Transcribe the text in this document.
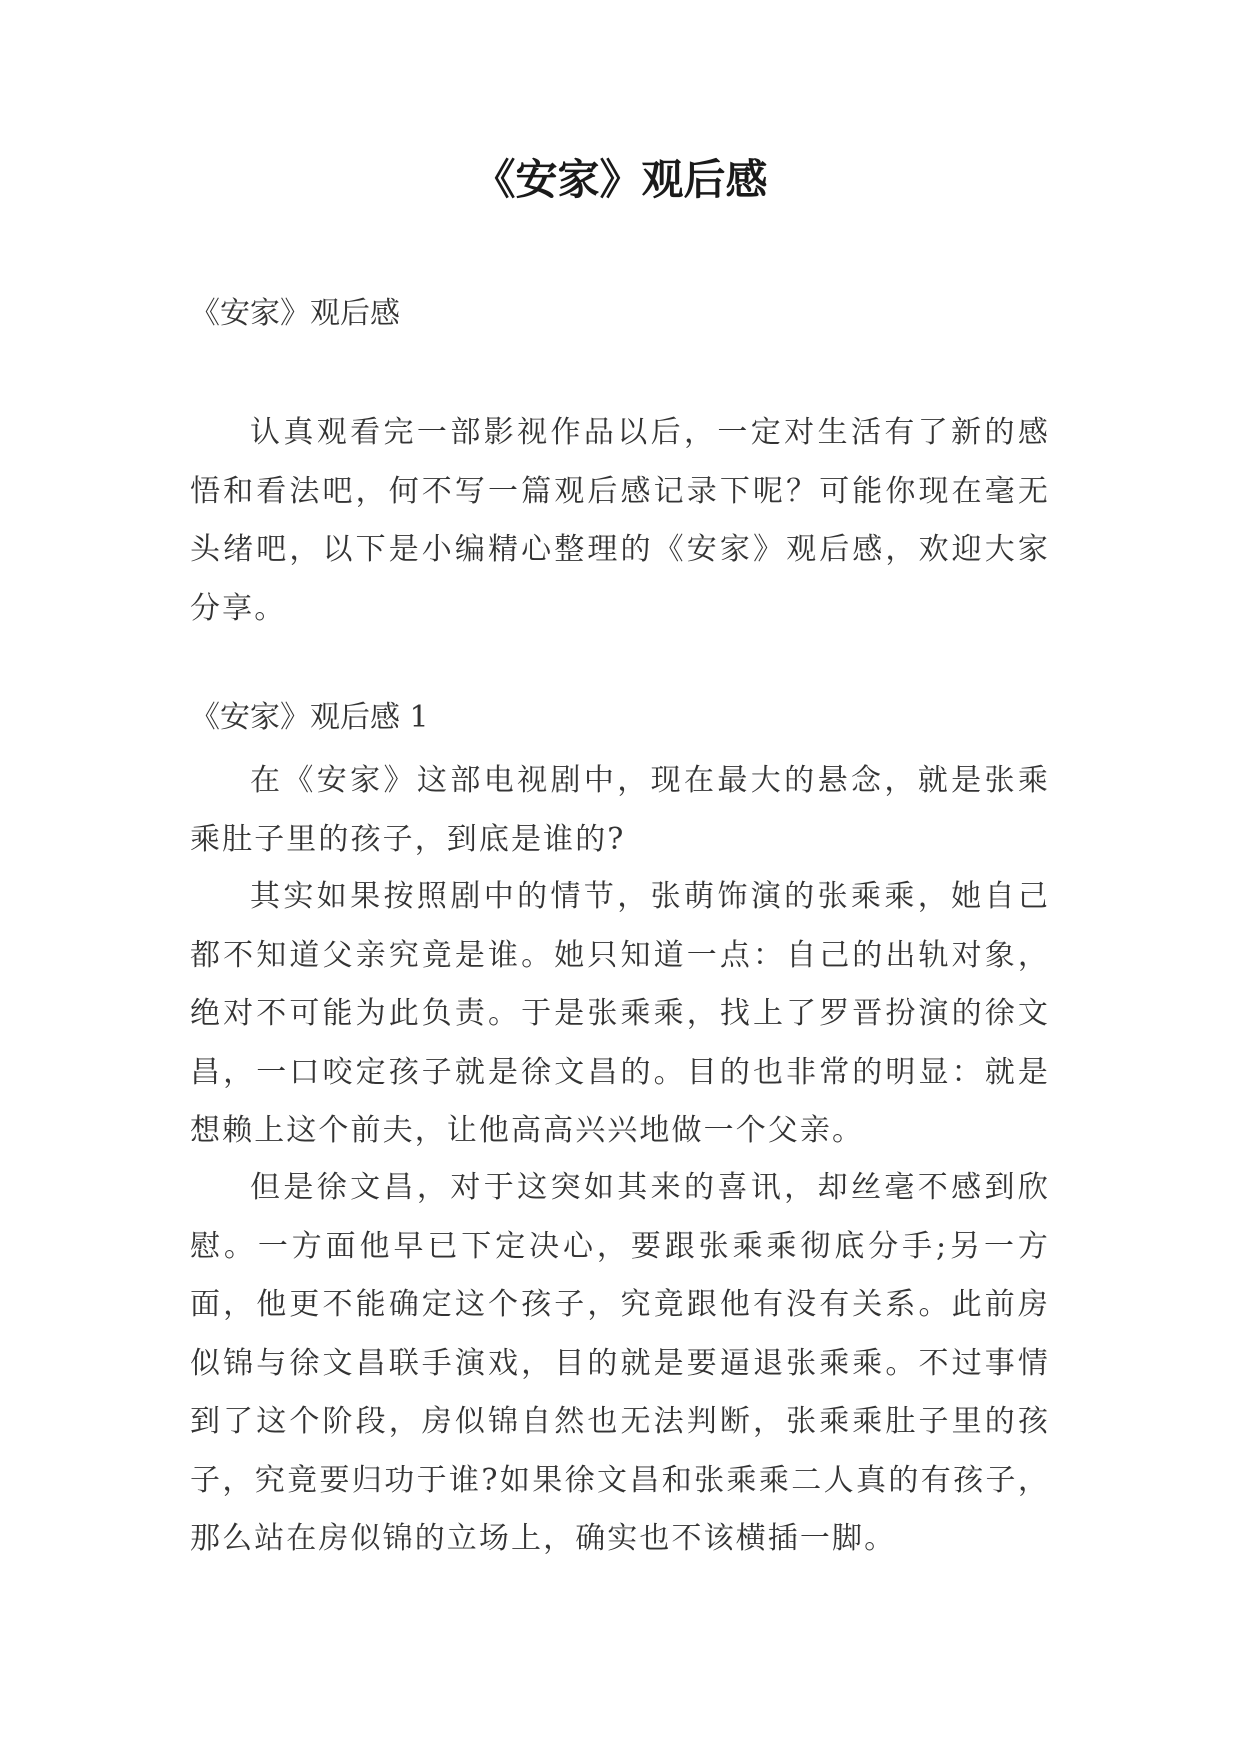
《安家》观后感

《安家》观后感

认真观看完一部影视作品以后，一定对生活有了新的感悟和看法吧，何不写一篇观后感记录下呢？可能你现在毫无头绪吧，以下是小编精心整理的《安家》观后感，欢迎大家分享。

《安家》观后感 1

在《安家》这部电视剧中，现在最大的悬念，就是张乘乘肚子里的孩子，到底是谁的?

其实如果按照剧中的情节，张萌饰演的张乘乘，她自己都不知道父亲究竟是谁。她只知道一点：自己的出轨对象，绝对不可能为此负责。于是张乘乘，找上了罗晋扮演的徐文昌，一口咬定孩子就是徐文昌的。目的也非常的明显：就是想赖上这个前夫，让他高高兴兴地做一个父亲。

但是徐文昌，对于这突如其来的喜讯，却丝毫不感到欣慰。一方面他早已下定决心，要跟张乘乘彻底分手;另一方面，他更不能确定这个孩子，究竟跟他有没有关系。此前房似锦与徐文昌联手演戏，目的就是要逼退张乘乘。不过事情到了这个阶段，房似锦自然也无法判断，张乘乘肚子里的孩子，究竟要归功于谁?如果徐文昌和张乘乘二人真的有孩子，那么站在房似锦的立场上，确实也不该横插一脚。
